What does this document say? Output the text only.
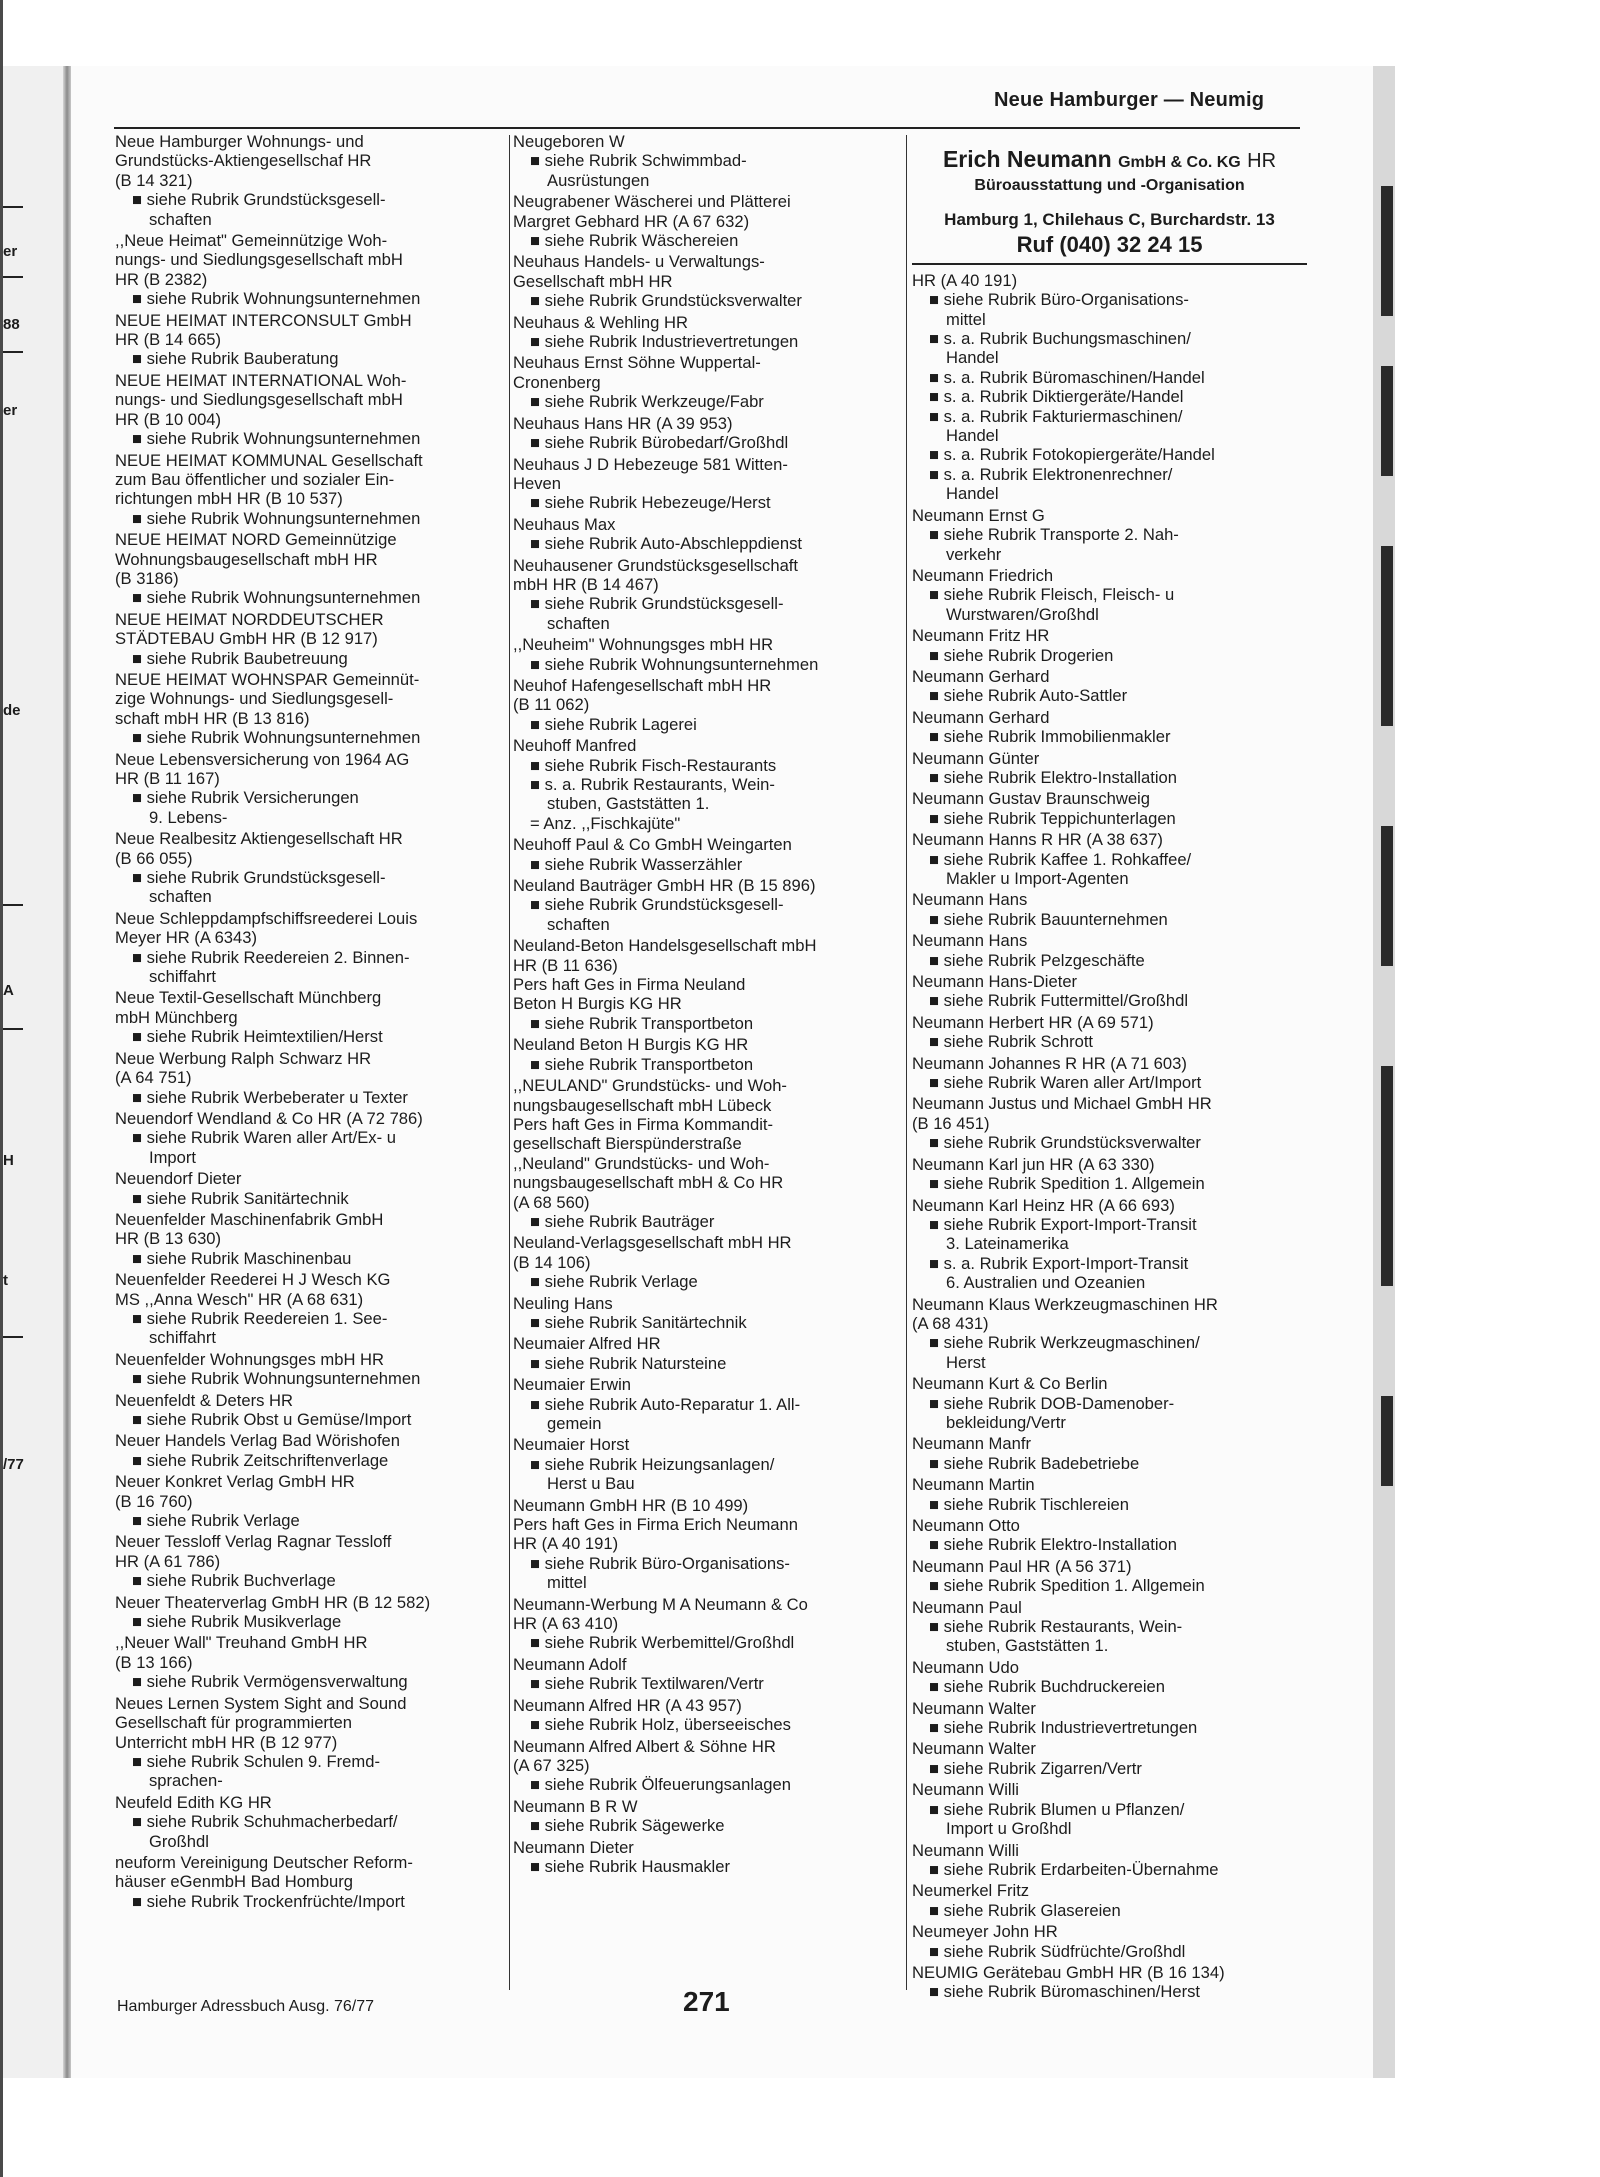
er
88
er
de
A
H
t
/77
Neue Hamburger — Neumig
Neue Hamburger Wohnungs- und
Grundstücks-Aktiengesellschaf HR
(B 14 321)
■ siehe Rubrik Grundstücksgesell-
schaften
,,Neue Heimat" Gemeinnützige Woh-
nungs- und Siedlungsgesellschaft mbH
HR (B 2382)
■ siehe Rubrik Wohnungsunternehmen
NEUE HEIMAT INTERCONSULT GmbH
HR (B 14 665)
■ siehe Rubrik Bauberatung
NEUE HEIMAT INTERNATIONAL Woh-
nungs- und Siedlungsgesellschaft mbH
HR (B 10 004)
■ siehe Rubrik Wohnungsunternehmen
NEUE HEIMAT KOMMUNAL Gesellschaft
zum Bau öffentlicher und sozialer Ein-
richtungen mbH HR (B 10 537)
■ siehe Rubrik Wohnungsunternehmen
NEUE HEIMAT NORD Gemeinnützige
Wohnungsbaugesellschaft mbH HR
(B 3186)
■ siehe Rubrik Wohnungsunternehmen
NEUE HEIMAT NORDDEUTSCHER
STÄDTEBAU GmbH HR (B 12 917)
■ siehe Rubrik Baubetreuung
NEUE HEIMAT WOHNSPAR Gemeinnüt-
zige Wohnungs- und Siedlungsgesell-
schaft mbH HR (B 13 816)
■ siehe Rubrik Wohnungsunternehmen
Neue Lebensversicherung von 1964 AG
HR (B 11 167)
■ siehe Rubrik Versicherungen
9. Lebens-
Neue Realbesitz Aktiengesellschaft HR
(B 66 055)
■ siehe Rubrik Grundstücksgesell-
schaften
Neue Schleppdampfschiffsreederei Louis
Meyer HR (A 6343)
■ siehe Rubrik Reedereien 2. Binnen-
schiffahrt
Neue Textil-Gesellschaft Münchberg
mbH Münchberg
■ siehe Rubrik Heimtextilien/Herst
Neue Werbung Ralph Schwarz HR
(A 64 751)
■ siehe Rubrik Werbeberater u Texter
Neuendorf Wendland & Co HR (A 72 786)
■ siehe Rubrik Waren aller Art/Ex- u
Import
Neuendorf Dieter
■ siehe Rubrik Sanitärtechnik
Neuenfelder Maschinenfabrik GmbH
HR (B 13 630)
■ siehe Rubrik Maschinenbau
Neuenfelder Reederei H J Wesch KG
MS ,,Anna Wesch" HR (A 68 631)
■ siehe Rubrik Reedereien 1. See-
schiffahrt
Neuenfelder Wohnungsges mbH HR
■ siehe Rubrik Wohnungsunternehmen
Neuenfeldt & Deters HR
■ siehe Rubrik Obst u Gemüse/Import
Neuer Handels Verlag Bad Wörishofen
■ siehe Rubrik Zeitschriftenverlage
Neuer Konkret Verlag GmbH HR
(B 16 760)
■ siehe Rubrik Verlage
Neuer Tessloff Verlag Ragnar Tessloff
HR (A 61 786)
■ siehe Rubrik Buchverlage
Neuer Theaterverlag GmbH HR (B 12 582)
■ siehe Rubrik Musikverlage
,,Neuer Wall" Treuhand GmbH HR
(B 13 166)
■ siehe Rubrik Vermögensverwaltung
Neues Lernen System Sight and Sound
Gesellschaft für programmierten
Unterricht mbH HR (B 12 977)
■ siehe Rubrik Schulen 9. Fremd-
sprachen-
Neufeld Edith KG HR
■ siehe Rubrik Schuhmacherbedarf/
Großhdl
neuform Vereinigung Deutscher Reform-
häuser eGenmbH Bad Homburg
■ siehe Rubrik Trockenfrüchte/Import
Neugeboren W
■ siehe Rubrik Schwimmbad-
Ausrüstungen
Neugrabener Wäscherei und Plätterei
Margret Gebhard HR (A 67 632)
■ siehe Rubrik Wäschereien
Neuhaus Handels- u Verwaltungs-
Gesellschaft mbH HR
■ siehe Rubrik Grundstücksverwalter
Neuhaus & Wehling HR
■ siehe Rubrik Industrievertretungen
Neuhaus Ernst Söhne Wuppertal-
Cronenberg
■ siehe Rubrik Werkzeuge/Fabr
Neuhaus Hans HR (A 39 953)
■ siehe Rubrik Bürobedarf/Großhdl
Neuhaus J D Hebezeuge 581 Witten-
Heven
■ siehe Rubrik Hebezeuge/Herst
Neuhaus Max
■ siehe Rubrik Auto-Abschleppdienst
Neuhausener Grundstücksgesellschaft
mbH HR (B 14 467)
■ siehe Rubrik Grundstücksgesell-
schaften
,,Neuheim" Wohnungsges mbH HR
■ siehe Rubrik Wohnungsunternehmen
Neuhof Hafengesellschaft mbH HR
(B 11 062)
■ siehe Rubrik Lagerei
Neuhoff Manfred
■ siehe Rubrik Fisch-Restaurants
■ s. a. Rubrik Restaurants, Wein-
stuben, Gaststätten 1.
= Anz. ,,Fischkajüte"
Neuhoff Paul & Co GmbH Weingarten
■ siehe Rubrik Wasserzähler
Neuland Bauträger GmbH HR (B 15 896)
■ siehe Rubrik Grundstücksgesell-
schaften
Neuland-Beton Handelsgesellschaft mbH
HR (B 11 636)
Pers haft Ges in Firma Neuland
Beton H Burgis KG HR
■ siehe Rubrik Transportbeton
Neuland Beton H Burgis KG HR
■ siehe Rubrik Transportbeton
,,NEULAND" Grundstücks- und Woh-
nungsbaugesellschaft mbH Lübeck
Pers haft Ges in Firma Kommandit-
gesellschaft Bierspünderstraße
,,Neuland" Grundstücks- und Woh-
nungsbaugesellschaft mbH & Co HR
(A 68 560)
■ siehe Rubrik Bauträger
Neuland-Verlagsgesellschaft mbH HR
(B 14 106)
■ siehe Rubrik Verlage
Neuling Hans
■ siehe Rubrik Sanitärtechnik
Neumaier Alfred HR
■ siehe Rubrik Natursteine
Neumaier Erwin
■ siehe Rubrik Auto-Reparatur 1. All-
gemein
Neumaier Horst
■ siehe Rubrik Heizungsanlagen/
Herst u Bau
Neumann GmbH HR (B 10 499)
Pers haft Ges in Firma Erich Neumann
HR (A 40 191)
■ siehe Rubrik Büro-Organisations-
mittel
Neumann-Werbung M A Neumann & Co
HR (A 63 410)
■ siehe Rubrik Werbemittel/Großhdl
Neumann Adolf
■ siehe Rubrik Textilwaren/Vertr
Neumann Alfred HR (A 43 957)
■ siehe Rubrik Holz, überseeisches
Neumann Alfred Albert & Söhne HR
(A 67 325)
■ siehe Rubrik Ölfeuerungsanlagen
Neumann B R W
■ siehe Rubrik Sägewerke
Neumann Dieter
■ siehe Rubrik Hausmakler
Erich Neumann GmbH & Co. KG HR
Büroausstattung und -Organisation
Hamburg 1, Chilehaus C, Burchardstr. 13
Ruf (040) 32 24 15
HR (A 40 191)
■ siehe Rubrik Büro-Organisations-
mittel
■ s. a. Rubrik Buchungsmaschinen/
Handel
■ s. a. Rubrik Büromaschinen/Handel
■ s. a. Rubrik Diktiergeräte/Handel
■ s. a. Rubrik Fakturiermaschinen/
Handel
■ s. a. Rubrik Fotokopiergeräte/Handel
■ s. a. Rubrik Elektronenrechner/
Handel
Neumann Ernst G
■ siehe Rubrik Transporte 2. Nah-
verkehr
Neumann Friedrich
■ siehe Rubrik Fleisch, Fleisch- u
Wurstwaren/Großhdl
Neumann Fritz HR
■ siehe Rubrik Drogerien
Neumann Gerhard
■ siehe Rubrik Auto-Sattler
Neumann Gerhard
■ siehe Rubrik Immobilienmakler
Neumann Günter
■ siehe Rubrik Elektro-Installation
Neumann Gustav Braunschweig
■ siehe Rubrik Teppichunterlagen
Neumann Hanns R HR (A 38 637)
■ siehe Rubrik Kaffee 1. Rohkaffee/
Makler u Import-Agenten
Neumann Hans
■ siehe Rubrik Bauunternehmen
Neumann Hans
■ siehe Rubrik Pelzgeschäfte
Neumann Hans-Dieter
■ siehe Rubrik Futtermittel/Großhdl
Neumann Herbert HR (A 69 571)
■ siehe Rubrik Schrott
Neumann Johannes R HR (A 71 603)
■ siehe Rubrik Waren aller Art/Import
Neumann Justus und Michael GmbH HR
(B 16 451)
■ siehe Rubrik Grundstücksverwalter
Neumann Karl jun HR (A 63 330)
■ siehe Rubrik Spedition 1. Allgemein
Neumann Karl Heinz HR (A 66 693)
■ siehe Rubrik Export-Import-Transit
3. Lateinamerika
■ s. a. Rubrik Export-Import-Transit
6. Australien und Ozeanien
Neumann Klaus Werkzeugmaschinen HR
(A 68 431)
■ siehe Rubrik Werkzeugmaschinen/
Herst
Neumann Kurt & Co Berlin
■ siehe Rubrik DOB-Damenober-
bekleidung/Vertr
Neumann Manfr
■ siehe Rubrik Badebetriebe
Neumann Martin
■ siehe Rubrik Tischlereien
Neumann Otto
■ siehe Rubrik Elektro-Installation
Neumann Paul HR (A 56 371)
■ siehe Rubrik Spedition 1. Allgemein
Neumann Paul
■ siehe Rubrik Restaurants, Wein-
stuben, Gaststätten 1.
Neumann Udo
■ siehe Rubrik Buchdruckereien
Neumann Walter
■ siehe Rubrik Industrievertretungen
Neumann Walter
■ siehe Rubrik Zigarren/Vertr
Neumann Willi
■ siehe Rubrik Blumen u Pflanzen/
Import u Großhdl
Neumann Willi
■ siehe Rubrik Erdarbeiten-Übernahme
Neumerkel Fritz
■ siehe Rubrik Glasereien
Neumeyer John HR
■ siehe Rubrik Südfrüchte/Großhdl
NEUMIG Gerätebau GmbH HR (B 16 134)
■ siehe Rubrik Büromaschinen/Herst
Hamburger Adressbuch Ausg. 76/77	271
